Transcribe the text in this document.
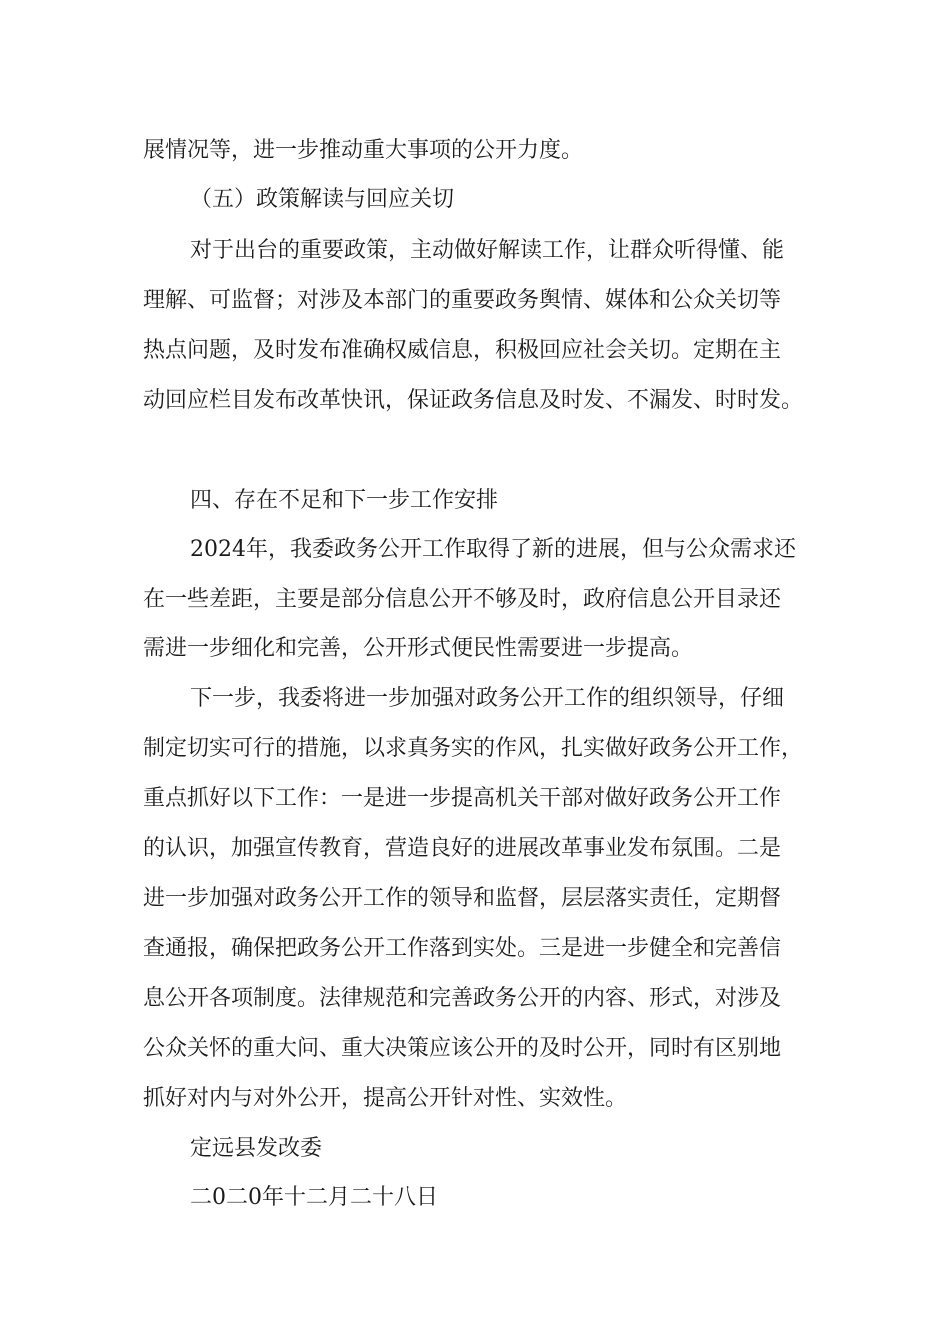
展情况等，进一步推动重大事项的公开力度。

（五）政策解读与回应关切

对于出台的重要政策，主动做好解读工作，让群众听得懂、能

理解、可监督；对涉及本部门的重要政务舆情、媒体和公众关切等

热点问题，及时发布准确权威信息，积极回应社会关切。定期在主

动回应栏目发布改革快讯，保证政务信息及时发、不漏发、时时发。

四、存在不足和下一步工作安排

2024年，我委政务公开工作取得了新的进展，但与公众需求还

在一些差距，主要是部分信息公开不够及时，政府信息公开目录还

需进一步细化和完善，公开形式便民性需要进一步提高。

下一步，我委将进一步加强对政务公开工作的组织领导，仔细

制定切实可行的措施，以求真务实的作风，扎实做好政务公开工作，

重点抓好以下工作：一是进一步提高机关干部对做好政务公开工作

的认识，加强宣传教育，营造良好的进展改革事业发布氛围。二是

进一步加强对政务公开工作的领导和监督，层层落实责任，定期督

查通报，确保把政务公开工作落到实处。三是进一步健全和完善信

息公开各项制度。法律规范和完善政务公开的内容、形式，对涉及

公众关怀的重大问、重大决策应该公开的及时公开，同时有区别地

抓好对内与对外公开，提高公开针对性、实效性。

定远县发改委

二0二0年十二月二十八日
